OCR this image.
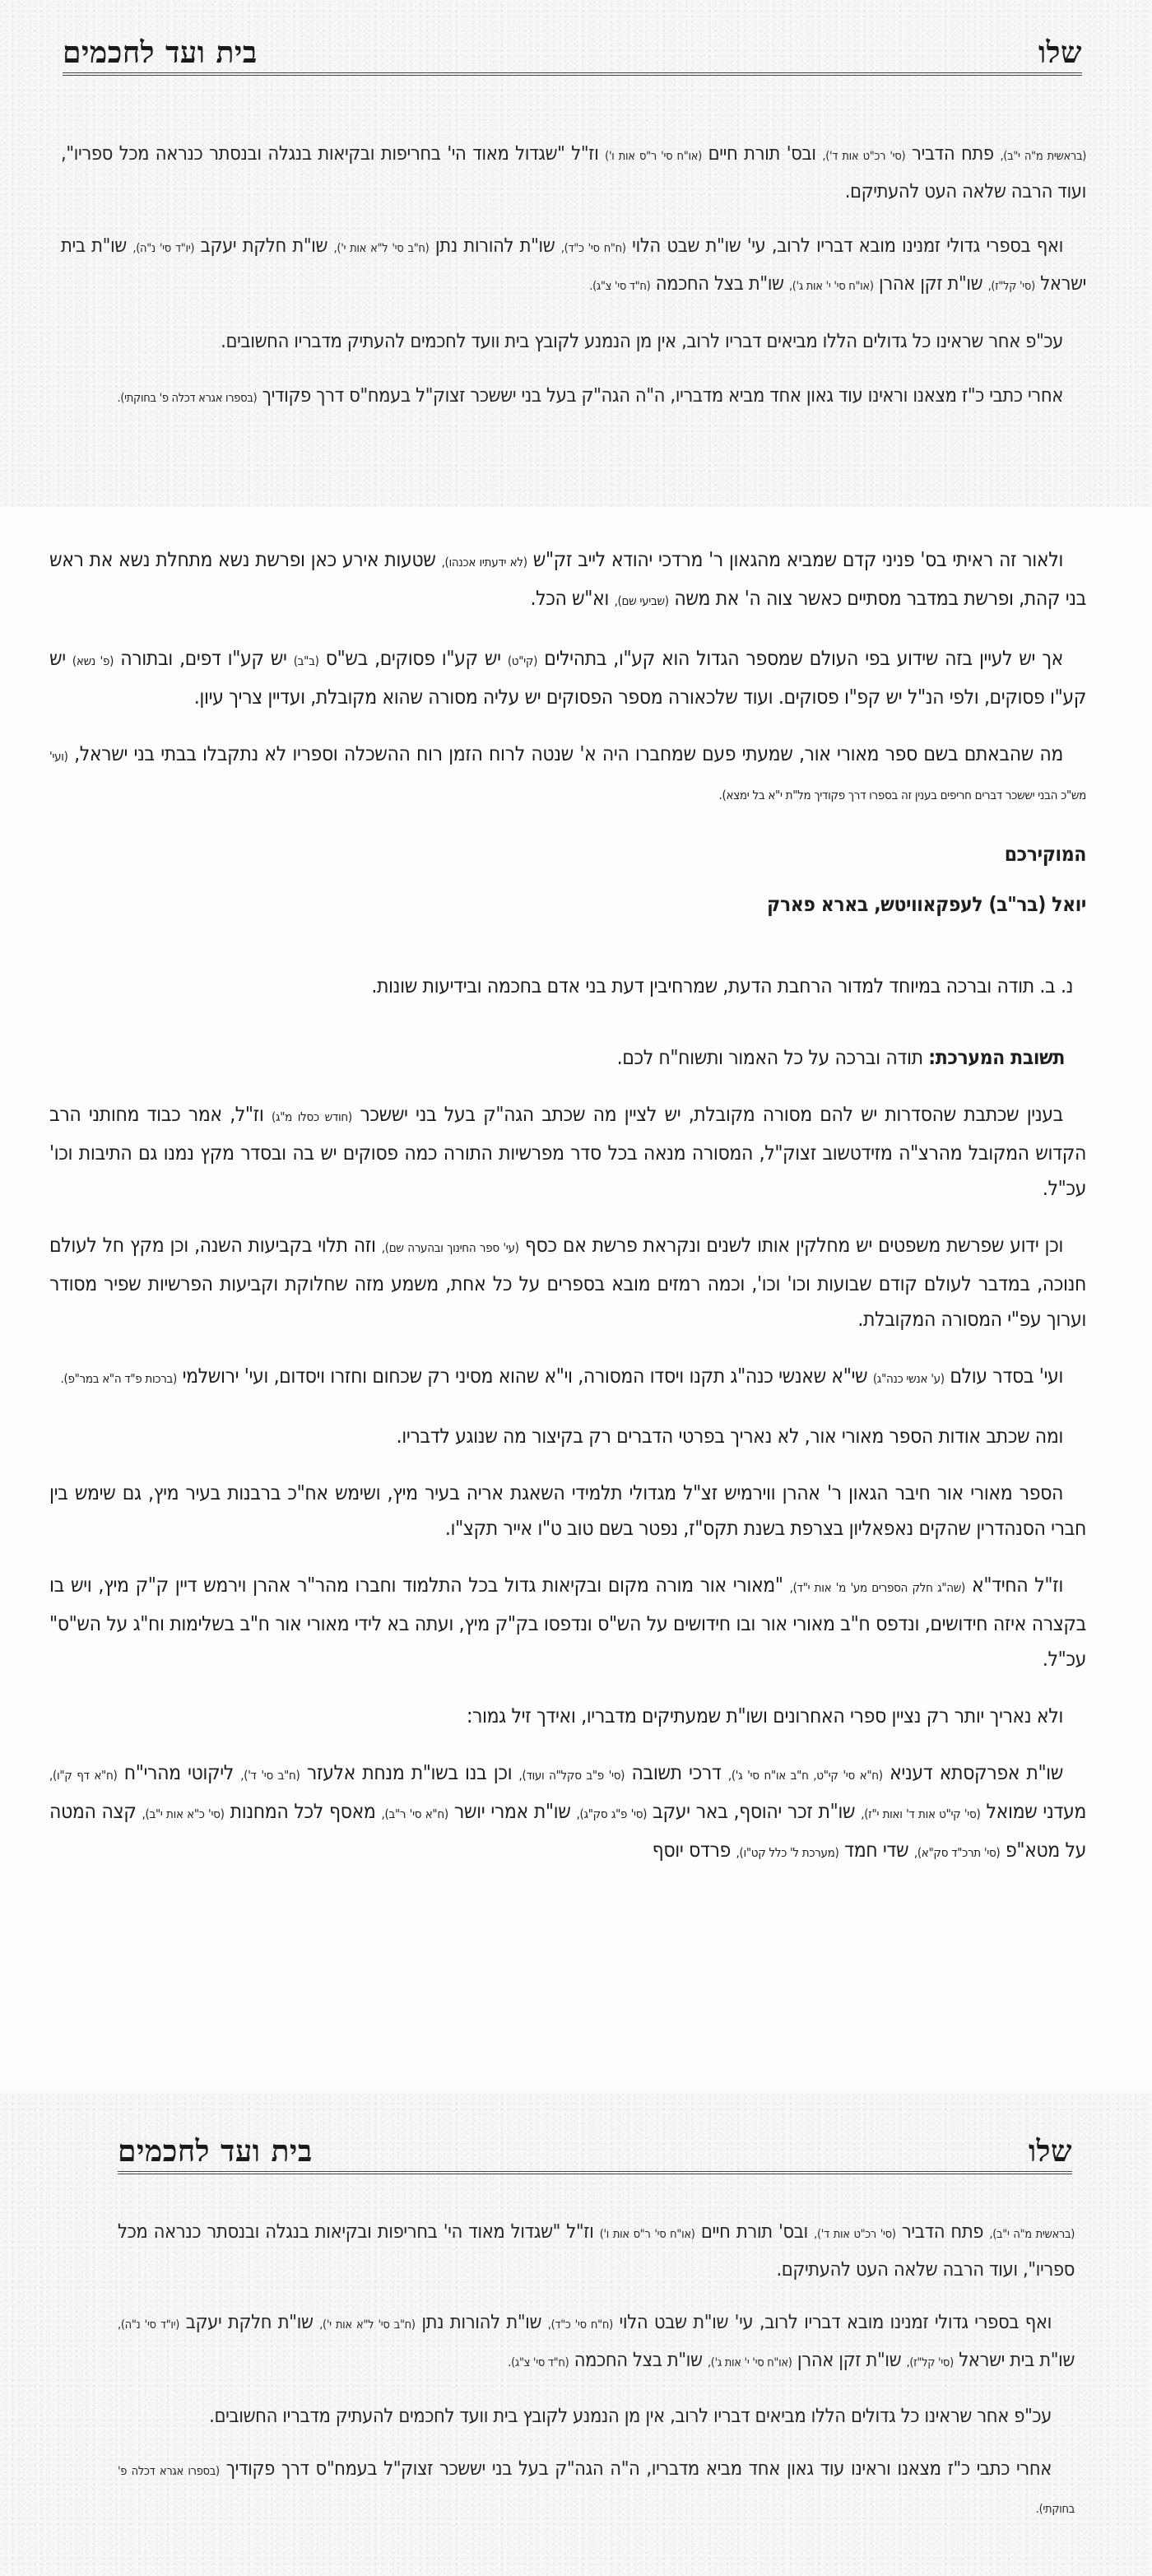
שלו
בית ועד לחכמים

(בראשית מ"ה י"ב), פתח הדביר (סי' רכ"ט אות ד'), ובס' תורת חיים (או"ח סי' ר"ס אות ו') וז"ל "שגדול מאוד הי' בחריפות ובקיאות בנגלה ובנסתר כנראה מכל ספריו", ועוד הרבה שלאה העט להעתיקם.

ואף בספרי גדולי זמנינו מובא דבריו לרוב, עי' שו"ת שבט הלוי (ח"ח סי' כ"ד), שו"ת להורות נתן (ח"ב סי' ל"א אות י'), שו"ת חלקת יעקב (יו"ד סי' נ"ה), שו"ת בית ישראל (סי' קל"ז), שו"ת זקן אהרן (או"ח סי' י' אות ג'), שו"ת בצל החכמה (ח"ד סי' צ"ג).

עכ"פ אחר שראינו כל גדולים הללו מביאים דבריו לרוב, אין מן הנמנע לקובץ בית וועד לחכמים להעתיק מדבריו החשובים.

אחרי כתבי כ"ז מצאנו וראינו עוד גאון אחד מביא מדבריו, ה"ה הגה"ק בעל בני יששכר זצוק"ל בעמח"ס דרך פקודיך (בספרו אגרא דכלה פ' בחוקתי).

ולאור זה ראיתי בס' פניני קדם שמביא מהגאון ר' מרדכי יהודא לייב זק"ש (לא ידעתיו אכנהו), שטעות אירע כאן ופרשת נשא מתחלת נשא את ראש בני קהת, ופרשת במדבר מסתיים כאשר צוה ה' את משה (שביעי שם), וא"ש הכל.

אך יש לעיין בזה שידוע בפי העולם שמספר הגדול הוא קע"ו, בתהילים (קי"ט) יש קע"ו פסוקים, בש"ס (ב"ב) יש קע"ו דפים, ובתורה (פ' נשא) יש קע"ו פסוקים, ולפי הנ"ל יש קפ"ו פסוקים. ועוד שלכאורה מספר הפסוקים יש עליה מסורה שהוא מקובלת, ועדיין צריך עיון.

מה שהבאתם בשם ספר מאורי אור, שמעתי פעם שמחברו היה א' שנטה לרוח הזמן רוח ההשכלה וספריו לא נתקבלו בבתי בני ישראל, (ועי' מש"כ הבני יששכר דברים חריפים בענין זה בספרו דרך פקודיך מל"ת י"א בל ימצא).

המוקירכם

יואל (בר"ב) לעפקאוויטש, בארא פארק

נ. ב. תודה וברכה במיוחד למדור הרחבת הדעת, שמרחיבין דעת בני אדם בחכמה ובידיעות שונות.

תשובת המערכת: תודה וברכה על כל האמור ותשוח"ח לכם.

בענין שכתבת שהסדרות יש להם מסורה מקובלת, יש לציין מה שכתב הגה"ק בעל בני יששכר (חודש כסלו מ"ג) וז"ל, אמר כבוד מחותני הרב הקדוש המקובל מהרצ"ה מזידטשוב זצוק"ל, המסורה מנאה בכל סדר מפרשיות התורה כמה פסוקים יש בה ובסדר מקץ נמנו גם התיבות וכו' עכ"ל.

וכן ידוע שפרשת משפטים יש מחלקין אותו לשנים ונקראת פרשת אם כסף (עי' ספר החינוך ובהערה שם), וזה תלוי בקביעות השנה, וכן מקץ חל לעולם חנוכה, במדבר לעולם קודם שבועות וכו' וכו', וכמה רמזים מובא בספרים על כל אחת, משמע מזה שחלוקת וקביעות הפרשיות שפיר מסודר וערוך עפ"י המסורה המקובלת.

ועי' בסדר עולם (ע' אנשי כנה"ג) שי"א שאנשי כנה"ג תקנו ויסדו המסורה, וי"א שהוא מסיני רק שכחום וחזרו ויסדום, ועי' ירושלמי (ברכות פ"ד ה"א במר"פ).

ומה שכתב אודות הספר מאורי אור, לא נאריך בפרטי הדברים רק בקיצור מה שנוגע לדבריו.

הספר מאורי אור חיבר הגאון ר' אהרן ווירמיש זצ"ל מגדולי תלמידי השאגת אריה בעיר מיץ, ושימש אח"כ ברבנות בעיר מיץ, גם שימש בין חברי הסנהדרין שהקים נאפאליון בצרפת בשנת תקס"ז, נפטר בשם טוב ט"ו אייר תקצ"ו.

וז"ל החיד"א (שה"ג חלק הספרים מע' מ' אות י"ד), "מאורי אור מורה מקום ובקיאות גדול בכל התלמוד וחברו מהר"ר אהרן וירמש דיין ק"ק מיץ, ויש בו בקצרה איזה חידושים, ונדפס ח"ב מאורי אור ובו חידושים על הש"ס ונדפסו בק"ק מיץ, ועתה בא לידי מאורי אור ח"ב בשלימות וח"ג על הש"ס" עכ"ל.

ולא נאריך יותר רק נציין ספרי האחרונים ושו"ת שמעתיקים מדבריו, ואידך זיל גמור:

שו"ת אפרקסתא דעניא (ח"א סי' קי"ט, ח"ב או"ח סי' ג'), דרכי תשובה (סי' פ"ב סקל"ה ועוד), וכן בנו בשו"ת מנחת אלעזר (ח"ב סי' ד'), ליקוטי מהרי"ח (ח"א דף ק"ו), מעדני שמואל (סי' קי"ט אות ד' ואות י"ז), שו"ת זכר יהוסף, באר יעקב (סי' פ"ג סק"ג), שו"ת אמרי יושר (ח"א סי' ר"ב), מאסף לכל המחנות (סי' כ"א אות י"ב), קצה המטה על מטא"פ (סי' תרכ"ד סק"א), שדי חמד (מערכת ל' כלל קט"ו), פרדס יוסף

שלו
בית ועד לחכמים

(בראשית מ"ה י"ב), פתח הדביר (סי' רכ"ט אות ד'), ובס' תורת חיים (או"ח סי' ר"ס אות ו') וז"ל "שגדול מאוד הי' בחריפות ובקיאות בנגלה ובנסתר כנראה מכל ספריו", ועוד הרבה שלאה העט להעתיקם.

ואף בספרי גדולי זמנינו מובא דבריו לרוב, עי' שו"ת שבט הלוי (ח"ח סי' כ"ד), שו"ת להורות נתן (ח"ב סי' ל"א אות י'), שו"ת חלקת יעקב (יו"ד סי' נ"ה), שו"ת בית ישראל (סי' קל"ז), שו"ת זקן אהרן (או"ח סי' י' אות ג'), שו"ת בצל החכמה (ח"ד סי' צ"ג).

עכ"פ אחר שראינו כל גדולים הללו מביאים דבריו לרוב, אין מן הנמנע לקובץ בית וועד לחכמים להעתיק מדבריו החשובים.

אחרי כתבי כ"ז מצאנו וראינו עוד גאון אחד מביא מדבריו, ה"ה הגה"ק בעל בני יששכר זצוק"ל בעמח"ס דרך פקודיך (בספרו אגרא דכלה פ' בחוקתי).
